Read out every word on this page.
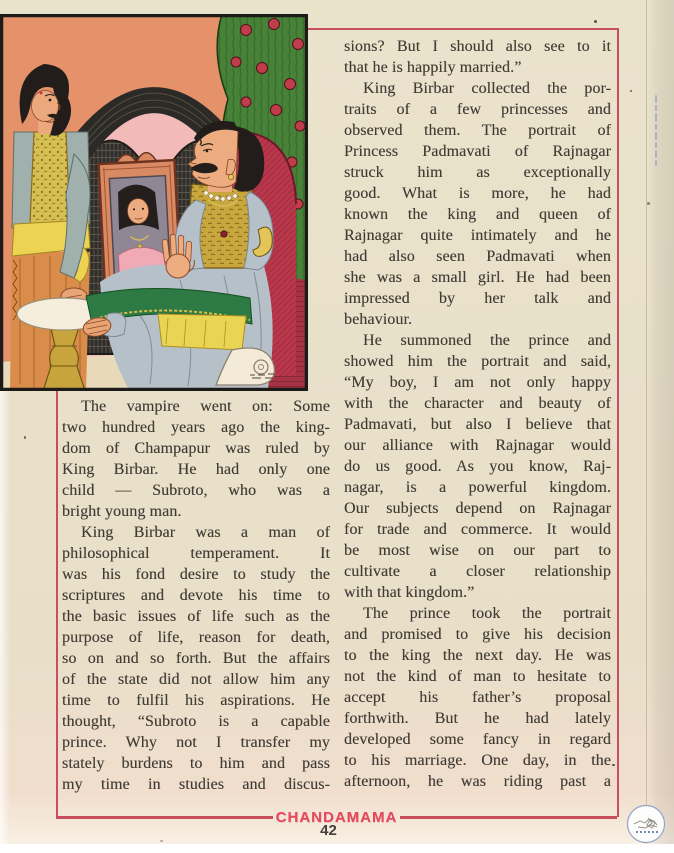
The vampire went on: Some
two hundred years ago the king-
dom of Champapur was ruled by
King Birbar. He had only one
child — Subroto, who was a
bright young man.
King Birbar was a man of
philosophical temperament. It
was his fond desire to study the
scriptures and devote his time to
the basic issues of life such as the
purpose of life, reason for death,
so on and so forth. But the affairs
of the state did not allow him any
time to fulfil his aspirations. He
thought, “Subroto is a capable
prince. Why not I transfer my
stately burdens to him and pass
my time in studies and discus-
sions? But I should also see to it
that he is happily married.”
King Birbar collected the por-
traits of a few princesses and
observed them. The portrait of
Princess Padmavati of Rajnagar
struck him as exceptionally
good. What is more, he had
known the king and queen of
Rajnagar quite intimately and he
had also seen Padmavati when
she was a small girl. He had been
impressed by her talk and
behaviour.
He summoned the prince and
showed him the portrait and said,
“My boy, I am not only happy
with the character and beauty of
Padmavati, but also I believe that
our alliance with Rajnagar would
do us good. As you know, Raj-
nagar, is a powerful kingdom.
Our subjects depend on Rajnagar
for trade and commerce. It would
be most wise on our part to
cultivate a closer relationship
with that kingdom.”
The prince took the portrait
and promised to give his decision
to the king the next day. He was
not the kind of man to hesitate to
accept his father’s proposal
forthwith. But he had lately
developed some fancy in regard
to his marriage. One day, in the
afternoon, he was riding past a
CHANDAMAMA
42
